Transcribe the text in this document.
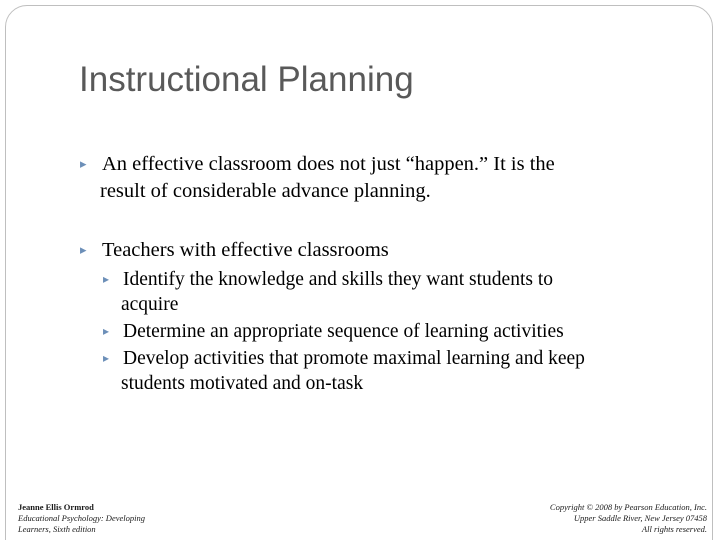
Instructional Planning
▸ An effective classroom does not just “happen.” It is the
result of considerable advance planning.
▸ Teachers with effective classrooms
▸ Identify the knowledge and skills they want students to
acquire
▸ Determine an appropriate sequence of learning activities
▸ Develop activities that promote maximal learning and keep
students motivated and on-task
Jeanne Ellis Ormrod
Educational Psychology: Developing
Learners, Sixth edition
Copyright © 2008 by Pearson Education, Inc.
Upper Saddle River, New Jersey 07458
All rights reserved.
